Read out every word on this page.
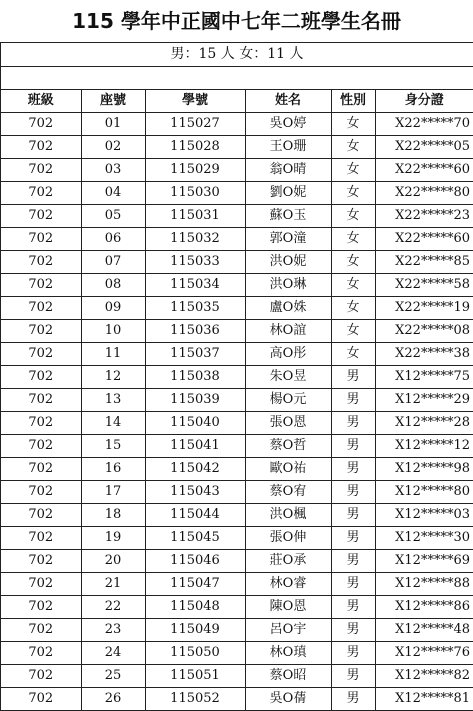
115 學年中正國中七年二班學生名冊
男：15 人 女：11 人
班級	座號	學號	姓名	性別	身分證
702	01	115027	吳O婷	女	X22*****70
702	02	115028	王O珊	女	X22*****05
702	03	115029	翁O晴	女	X22*****60
702	04	115030	劉O妮	女	X22*****80
702	05	115031	蘇O玉	女	X22*****23
702	06	115032	郭O潼	女	X22*****60
702	07	115033	洪O妮	女	X22*****85
702	08	115034	洪O琳	女	X22*****58
702	09	115035	盧O姝	女	X22*****19
702	10	115036	林O誼	女	X22*****08
702	11	115037	高O彤	女	X22*****38
702	12	115038	朱O昱	男	X12*****75
702	13	115039	楊O元	男	X12*****29
702	14	115040	張O恩	男	X12*****28
702	15	115041	蔡O哲	男	X12*****12
702	16	115042	歐O祐	男	X12*****98
702	17	115043	蔡O宥	男	X12*****80
702	18	115044	洪O楓	男	X12*****03
702	19	115045	張O伸	男	X12*****30
702	20	115046	莊O承	男	X12*****69
702	21	115047	林O睿	男	X12*****88
702	22	115048	陳O恩	男	X12*****86
702	23	115049	呂O宇	男	X12*****48
702	24	115050	林O瑱	男	X12*****76
702	25	115051	蔡O昭	男	X12*****82
702	26	115052	吳O蒨	男	X12*****81
